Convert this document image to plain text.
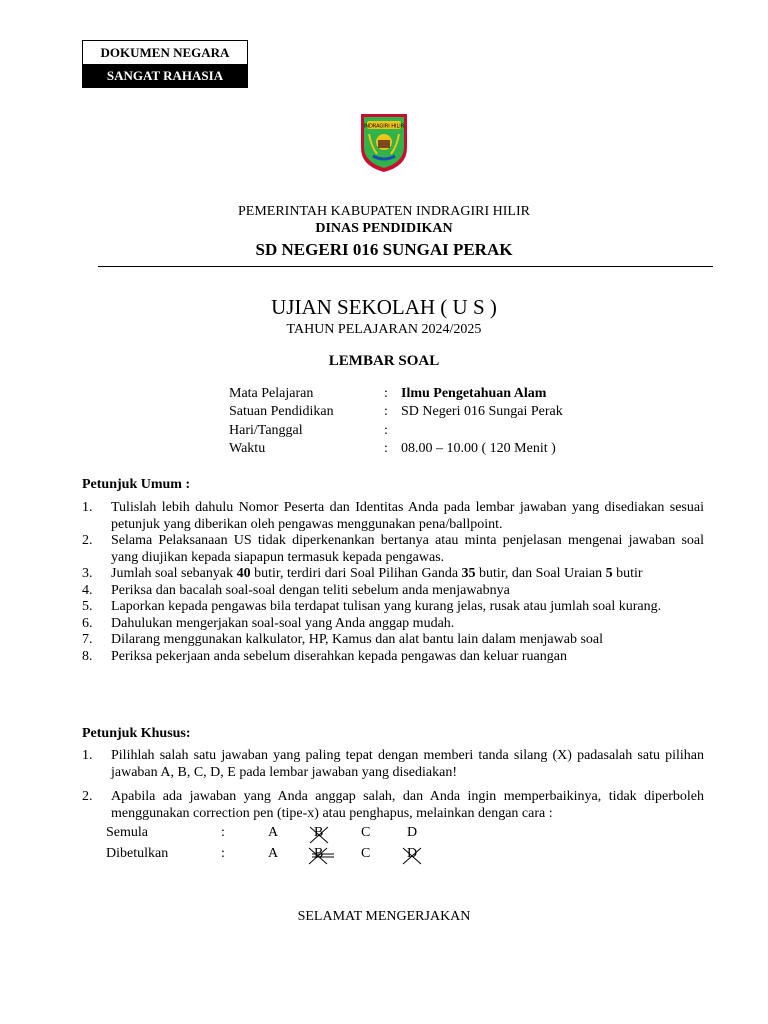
DOKUMEN NEGARA
SANGAT RAHASIA
INDRAGIRI HILIR
PEMERINTAH KABUPATEN INDRAGIRI HILIR
DINAS PENDIDIKAN
SD NEGERI 016 SUNGAI PERAK
UJIAN SEKOLAH ( U S )
TAHUN PELAJARAN 2024/2025
LEMBAR SOAL
Mata Pelajaran	: Ilmu Pengetahuan Alam
Satuan Pendidikan	: SD Negeri 016 Sungai Perak
Hari/Tanggal	:
Waktu	: 08.00 – 10.00 ( 120 Menit )
Petunjuk Umum :
1. Tulislah lebih dahulu Nomor Peserta dan Identitas Anda pada lembar jawaban yang disediakan sesuai petunjuk yang diberikan oleh pengawas menggunakan pena/ballpoint.
2. Selama Pelaksanaan US tidak diperkenankan bertanya atau minta penjelasan mengenai jawaban soal yang diujikan kepada siapapun termasuk kepada pengawas.
3. Jumlah soal sebanyak 40 butir, terdiri dari Soal Pilihan Ganda 35 butir, dan Soal Uraian 5 butir
4. Periksa dan bacalah soal-soal dengan teliti sebelum anda menjawabnya
5. Laporkan kepada pengawas bila terdapat tulisan yang kurang jelas, rusak atau jumlah soal kurang.
6. Dahulukan mengerjakan soal-soal yang Anda anggap mudah.
7. Dilarang menggunakan kalkulator, HP, Kamus dan alat bantu lain dalam menjawab soal
8. Periksa pekerjaan anda sebelum diserahkan kepada pengawas dan keluar ruangan
Petunjuk Khusus:
1. Pilihlah salah satu jawaban yang paling tepat dengan memberi tanda silang (X) padasalah satu pilihan jawaban A, B, C, D, E pada lembar jawaban yang disediakan!
2. Apabila ada jawaban yang Anda anggap salah, dan Anda ingin memperbaikinya, tidak diperboleh menggunakan correction pen (tipe-x) atau penghapus, melainkan dengan cara :
Semula	:	A	B	C	D
Dibetulkan	:	A	B	C	D
SELAMAT MENGERJAKAN
